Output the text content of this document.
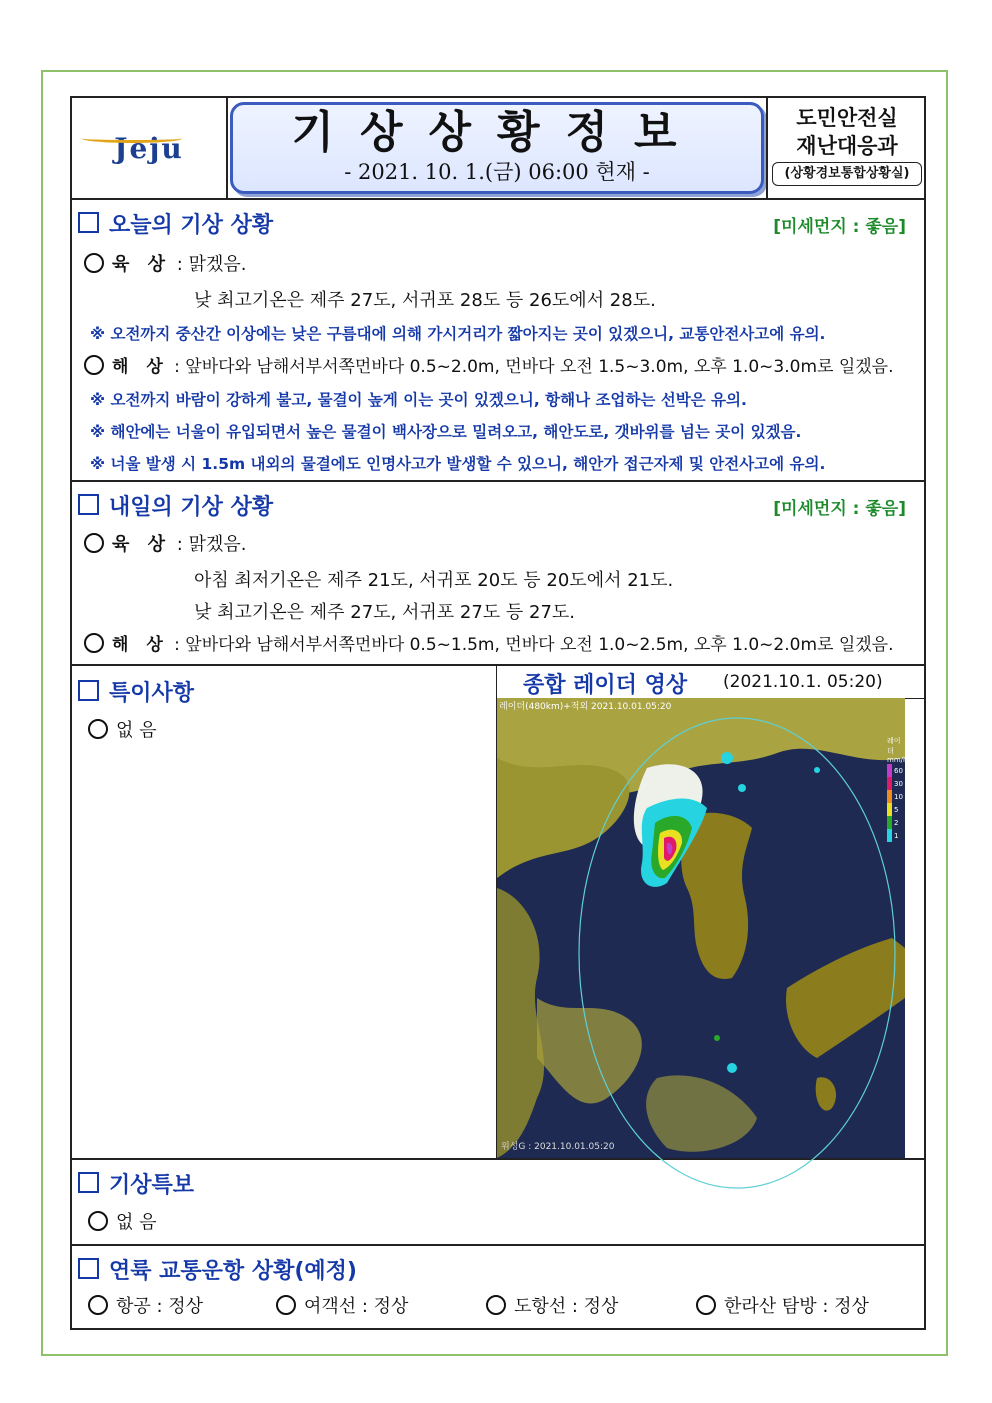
Jeju	기상상황정보
- 2021. 10. 1.(금) 06:00 현재 -
도민안전실
재난대응과
(상황경보통합상황실)
오늘의 기상 상황	[미세먼지 : 좋음]
육 상 : 맑겠음.
낮 최고기온은 제주 27도, 서귀포 28도 등 26도에서 28도.
※ 오전까지 중산간 이상에는 낮은 구름대에 의해 가시거리가 짧아지는 곳이 있겠으니, 교통안전사고에 유의.
해 상 : 앞바다와 남해서부서쪽먼바다 0.5~2.0m, 먼바다 오전 1.5~3.0m, 오후 1.0~3.0m로 일겠음.
※ 오전까지 바람이 강하게 불고, 물결이 높게 이는 곳이 있겠으니, 항해나 조업하는 선박은 유의.
※ 해안에는 너울이 유입되면서 높은 물결이 백사장으로 밀려오고, 해안도로, 갯바위를 넘는 곳이 있겠음.
※ 너울 발생 시 1.5m 내외의 물결에도 인명사고가 발생할 수 있으니, 해안가 접근자제 및 안전사고에 유의.
내일의 기상 상황	[미세먼지 : 좋음]
육 상 : 맑겠음.
아침 최저기온은 제주 21도, 서귀포 20도 등 20도에서 21도.
낮 최고기온은 제주 27도, 서귀포 27도 등 27도.
해 상 : 앞바다와 남해서부서쪽먼바다 0.5~1.5m, 먼바다 오전 1.0~2.5m, 오후 1.0~2.0m로 일겠음.
특이사항
없 음
종합 레이더 영상 (2021.10.1. 05:20)
레이더(480km)+적외 2021.10.01.05:20
위성G : 2021.10.01.05:20
레이더
mm/h
60
30
10
5
2
1
기상특보
없 음
연륙 교통운항 상황(예정)
항공 : 정상	여객선 : 정상	도항선 : 정상	한라산 탐방 : 정상
